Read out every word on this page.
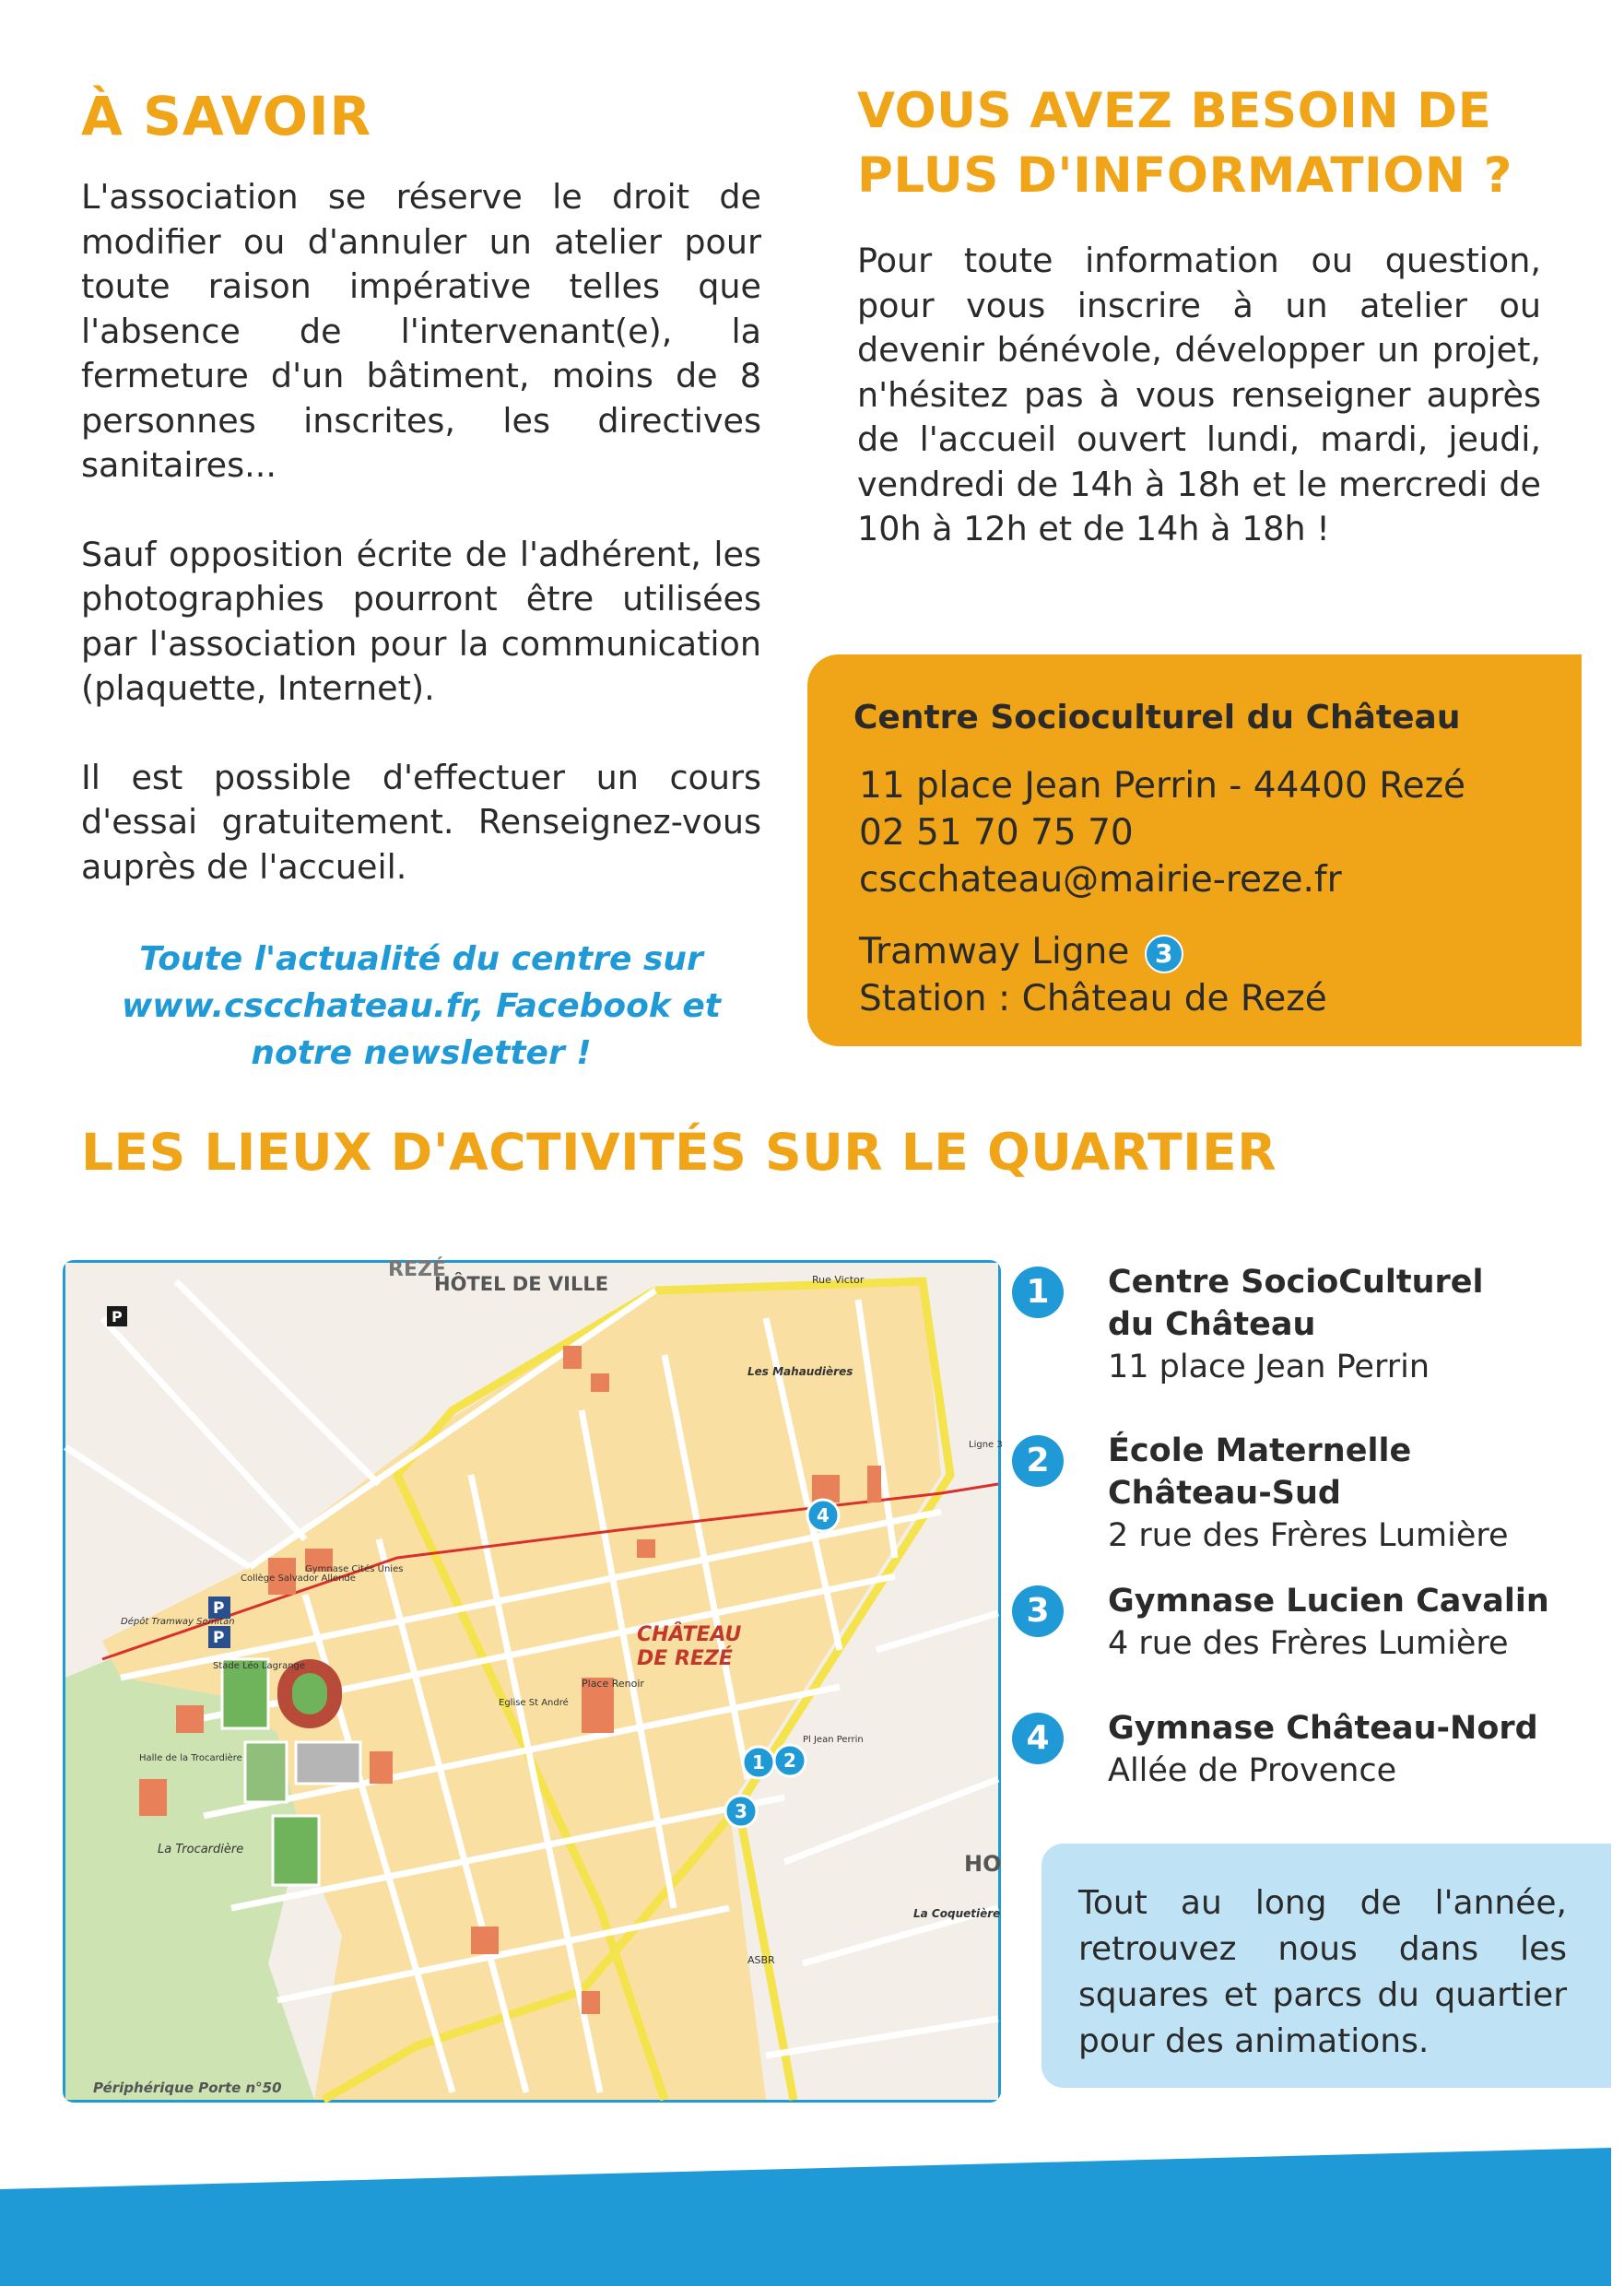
À SAVOIR

L'association se réserve le droit de modifier ou d'annuler un atelier pour toute raison impérative telles que l'absence de l'intervenant(e), la fermeture d'un bâtiment, moins de 8 personnes inscrites, les directives sanitaires...

Sauf opposition écrite de l'adhérent, les photographies pourront être utilisées par l'association pour la communication (plaquette, Internet).

Il est possible d'effectuer un cours d'essai gratuitement. Renseignez-vous auprès de l'accueil.

Toute l'actualité du centre sur
www.cscchateau.fr, Facebook et
notre newsletter !
VOUS AVEZ BESOIN DE
PLUS D'INFORMATION ?
Pour toute information ou question, pour vous inscrire à un atelier ou devenir bénévole, développer un projet, n'hésitez pas à vous renseigner auprès de l'accueil ouvert lundi, mardi, jeudi, vendredi de 14h à 18h et le mercredi de 10h à 12h et de 14h à 18h !
Centre Socioculturel du Château
11 place Jean Perrin - 44400 Rezé
02 51 70 75 70
cscchateau@mairie-reze.fr
Tramway Ligne 3
Station : Château de Rezé
LES LIEUX D'ACTIVITÉS SUR LE QUARTIER
P
P
P
REZÉ
HÔTEL DE VILLE
CHÂTEAU
DE REZÉ
La Trocardière
Les Mahaudières
Périphérique Porte n°50
La Coquetière
Stade Léo Lagrange
Halle de la Trocardière
Dépôt Tramway Semitan
Collège Salvador Allende
Gymnase Cités Unies
Place Renoir
Eglise St André
HO
Rue Victor
ASBR
Pl Jean Perrin
Ligne 3
1 2
3
4
1	Centre SocioCulturel
du Château
11 place Jean Perrin
2	École Maternelle
Château-Sud
2 rue des Frères Lumière
3	Gymnase Lucien Cavalin
4 rue des Frères Lumière
4	Gymnase Château-Nord
Allée de Provence
Tout au long de l'année, retrouvez nous dans les squares et parcs du quartier pour des animations.
